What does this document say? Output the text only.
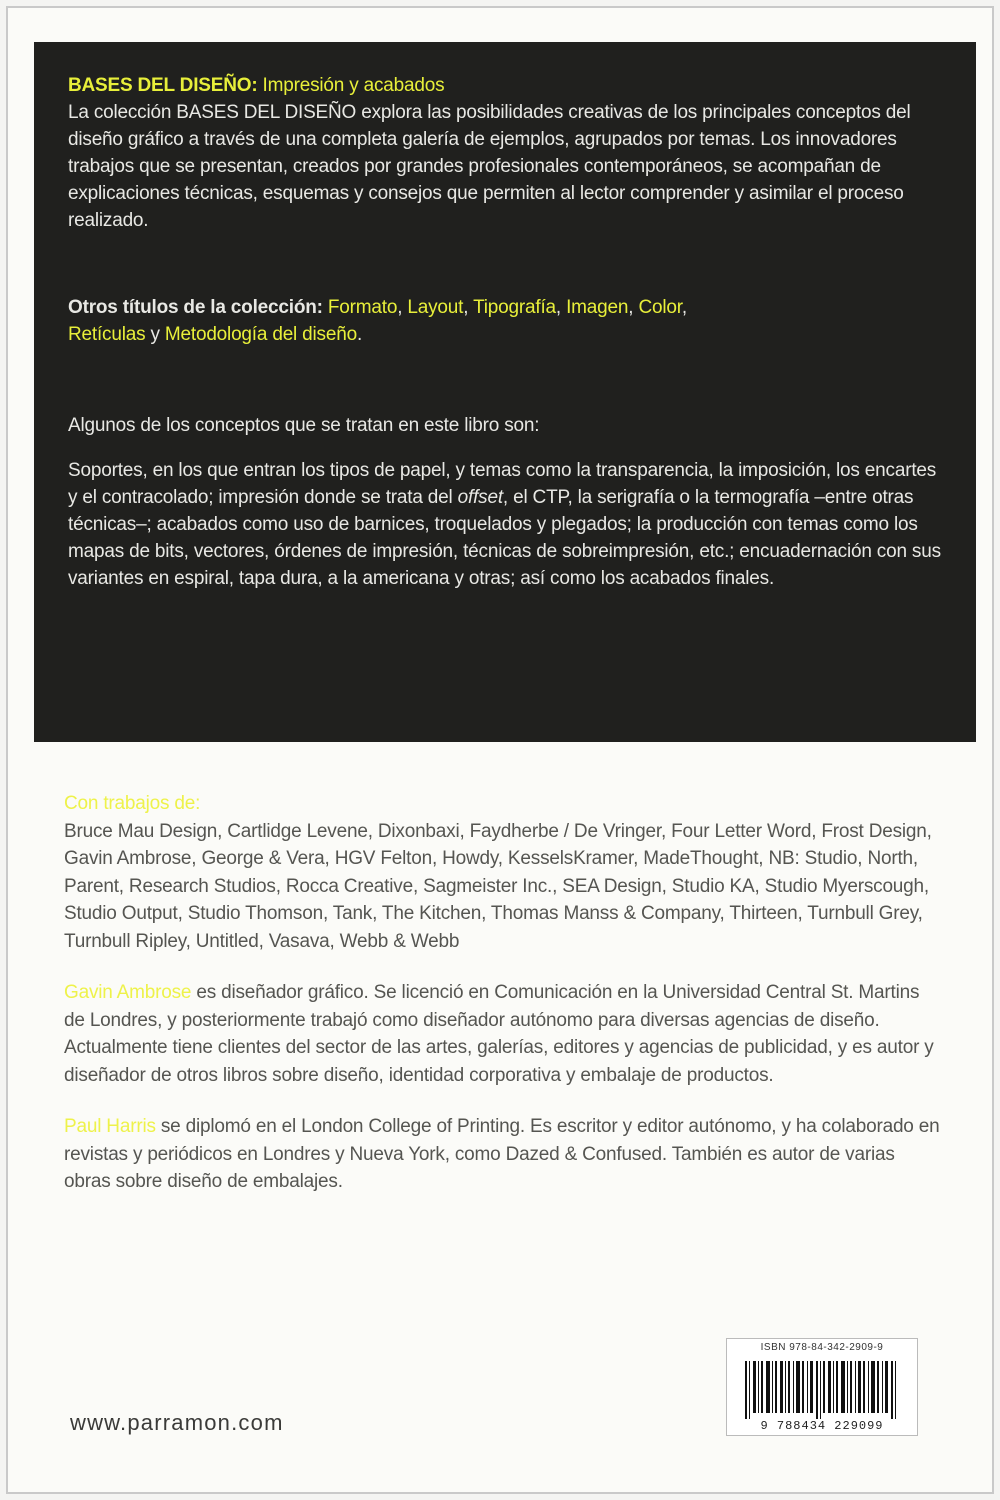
BASES DEL DISEÑO: Impresión y acabados

La colección BASES DEL DISEÑO explora las posibilidades creativas de los principales conceptos del diseño gráfico a través de una completa galería de ejemplos, agrupados por temas. Los innovadores trabajos que se presentan, creados por grandes profesionales contemporáneos, se acompañan de explicaciones técnicas, esquemas y consejos que permiten al lector comprender y asimilar el proceso realizado.

Otros títulos de la colección: Formato, Layout, Tipografía, Imagen, Color,
Retículas y Metodología del diseño.

Algunos de los conceptos que se tratan en este libro son:

Soportes, en los que entran los tipos de papel, y temas como la transparencia, la imposición, los encartes y el contracolado; impresión donde se trata del offset, el CTP, la serigrafía o la termografía –entre otras técnicas–; acabados como uso de barnices, troquelados y plegados; la producción con temas como los mapas de bits, vectores, órdenes de impresión, técnicas de sobreimpresión, etc.; encuadernación con sus variantes en espiral, tapa dura, a la americana y otras; así como los acabados finales.

Con trabajos de:
Bruce Mau Design, Cartlidge Levene, Dixonbaxi, Faydherbe / De Vringer, Four Letter Word, Frost Design, Gavin Ambrose, George & Vera, HGV Felton, Howdy, KesselsKramer, MadeThought, NB: Studio, North, Parent, Research Studios, Rocca Creative, Sagmeister Inc., SEA Design, Studio KA, Studio Myerscough, Studio Output, Studio Thomson, Tank, The Kitchen, Thomas Manss & Company, Thirteen, Turnbull Grey, Turnbull Ripley, Untitled, Vasava, Webb & Webb

Gavin Ambrose es diseñador gráfico. Se licenció en Comunicación en la Universidad Central St. Martins de Londres, y posteriormente trabajó como diseñador autónomo para diversas agencias de diseño. Actualmente tiene clientes del sector de las artes, galerías, editores y agencias de publicidad, y es autor y diseñador de otros libros sobre diseño, identidad corporativa y embalaje de productos.

Paul Harris se diplomó en el London College of Printing. Es escritor y editor autónomo, y ha colaborado en revistas y periódicos en Londres y Nueva York, como Dazed & Confused. También es autor de varias obras sobre diseño de embalajes.

www.parramon.com
ISBN 978-84-342-2909-9
9 788434 229099
